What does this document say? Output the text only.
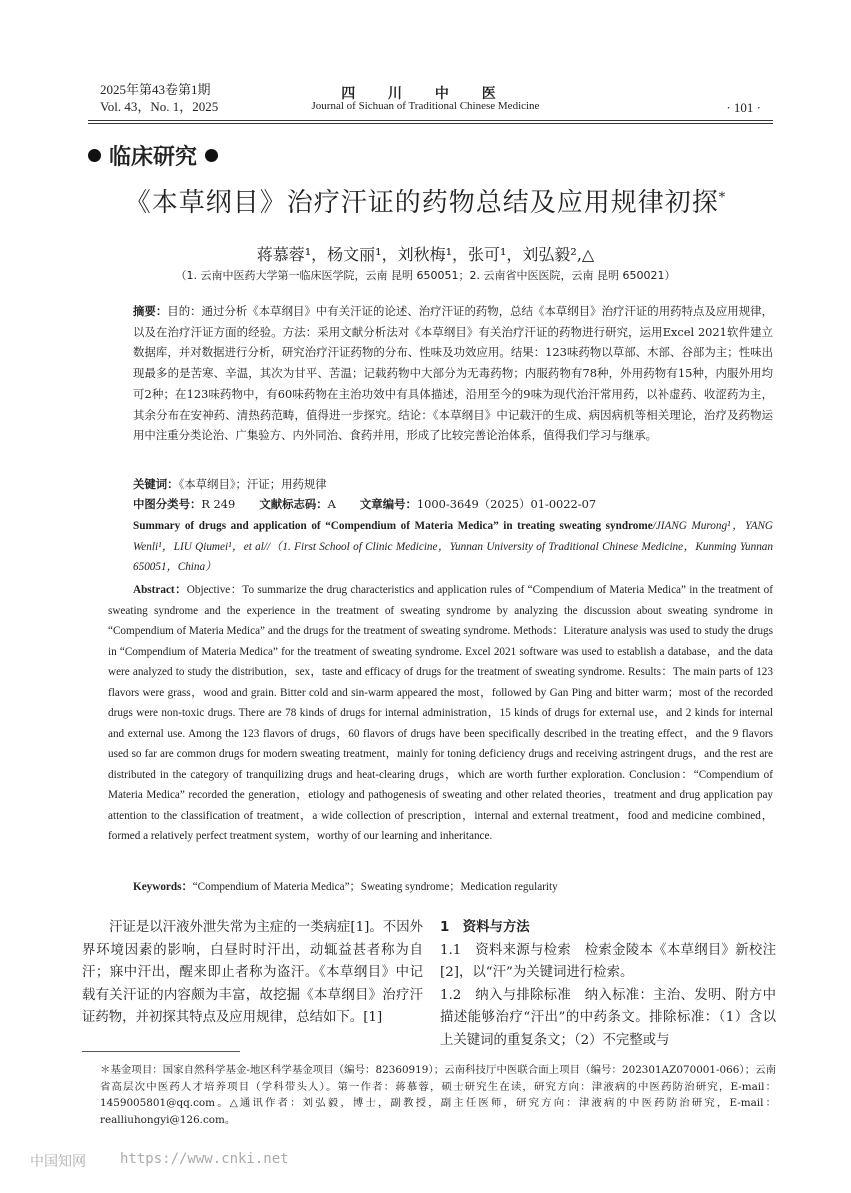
2025年第43卷第1期
Vol. 43，No. 1，2025
四 川 中 医
Journal of Sichuan of Traditional Chinese Medicine	· 101 ·
临床研究
《本草纲目》治疗汗证的药物总结及应用规律初探*
蒋慕蓉¹，杨文丽¹，刘秋梅¹，张可¹，刘弘毅²,△
（1. 云南中医药大学第一临床医学院，云南 昆明 650051；2. 云南省中医医院，云南 昆明 650021）
摘要：目的：通过分析《本草纲目》中有关汗证的论述、治疗汗证的药物，总结《本草纲目》治疗汗证的用药特点及应用规律，以及在治疗汗证方面的经验。方法：采用文献分析法对《本草纲目》有关治疗汗证的药物进行研究，运用Excel 2021软件建立数据库，并对数据进行分析，研究治疗汗证药物的分布、性味及功效应用。结果：123味药物以草部、木部、谷部为主；性味出现最多的是苦寒、辛温，其次为甘平、苦温；记载药物中大部分为无毒药物；内服药物有78种，外用药物有15种，内服外用均可2种；在123味药物中，有60味药物在主治功效中有具体描述，沿用至今的9味为现代治汗常用药，以补虚药、收涩药为主，其余分布在安神药、清热药范畴，值得进一步探究。结论：《本草纲目》中记载汗的生成、病因病机等相关理论，治疗及药物运用中注重分类论治、广集验方、内外同治、食药并用，形成了比较完善论治体系，值得我们学习与继承。
关键词：《本草纲目》；汗证；用药规律
中图分类号：R 249 文献标志码：A 文章编号：1000-3649（2025）01-0022-07
Summary of drugs and application of “Compendium of Materia Medica” in treating sweating syndrome/JIANG Murong¹，YANG Wenli¹，LIU Qiumei¹，et al//（1. First School of Clinic Medicine，Yunnan University of Traditional Chinese Medicine，Kunming Yunnan 650051，China）
Abstract：Objective：To summarize the drug characteristics and application rules of “Compendium of Materia Medica” in the treatment of sweating syndrome and the experience in the treatment of sweating syndrome by analyzing the discussion about sweating syndrome in “Compendium of Materia Medica” and the drugs for the treatment of sweating syndrome. Methods：Literature analysis was used to study the drugs in “Compendium of Materia Medica” for the treatment of sweating syndrome. Excel 2021 software was used to establish a database，and the data were analyzed to study the distribution，sex，taste and efficacy of drugs for the treatment of sweating syndrome. Results：The main parts of 123 flavors were grass，wood and grain. Bitter cold and sin-warm appeared the most，followed by Gan Ping and bitter warm；most of the recorded drugs were non-toxic drugs. There are 78 kinds of drugs for internal administration，15 kinds of drugs for external use，and 2 kinds for internal and external use. Among the 123 flavors of drugs，60 flavors of drugs have been specifically described in the treating effect，and the 9 flavors used so far are common drugs for modern sweating treatment，mainly for toning deficiency drugs and receiving astringent drugs，and the rest are distributed in the category of tranquilizing drugs and heat-clearing drugs，which are worth further exploration. Conclusion：“Compendium of Materia Medica” recorded the generation，etiology and pathogenesis of sweating and other related theories，treatment and drug application pay attention to the classification of treatment，a wide collection of prescription，internal and external treatment，food and medicine combined，formed a relatively perfect treatment system，worthy of our learning and inheritance.
Keywords：“Compendium of Materia Medica”；Sweating syndrome；Medication regularity
汗证是以汗液外泄失常为主症的一类病症[1]。不因外界环境因素的影响，白昼时时汗出，动辄益甚者称为自汗；寐中汗出，醒来即止者称为盗汗。《本草纲目》中记载有关汗证的内容颇为丰富，故挖掘《本草纲目》治疗汗证药物，并初探其特点及应用规律，总结如下。[1]

1　资料与方法

1.1　资料来源与检索　检索金陵本《本草纲目》新校注[2]，以“汗”为关键词进行检索。

1.2　纳入与排除标准　纳入标准：主治、发明、附方中描述能够治疗“汗出”的中药条文。排除标准：（1）含以上关键词的重复条文；（2）不完整或与

＊基金项目：国家自然科学基金-地区科学基金项目（编号：82360919）；云南科技厅中医联合面上项目（编号：202301AZ070001-066）；云南省高层次中医药人才培养项目（学科带头人）。第一作者：蒋慕蓉，硕士研究生在读，研究方向：津液病的中医药防治研究，E-mail：1459005801@qq.com。△通讯作者：刘弘毅，博士，副教授，副主任医师，研究方向：津液病的中医药防治研究，E-mail：realliuhongyi@126.com。
中国知网 https://www.cnki.net
